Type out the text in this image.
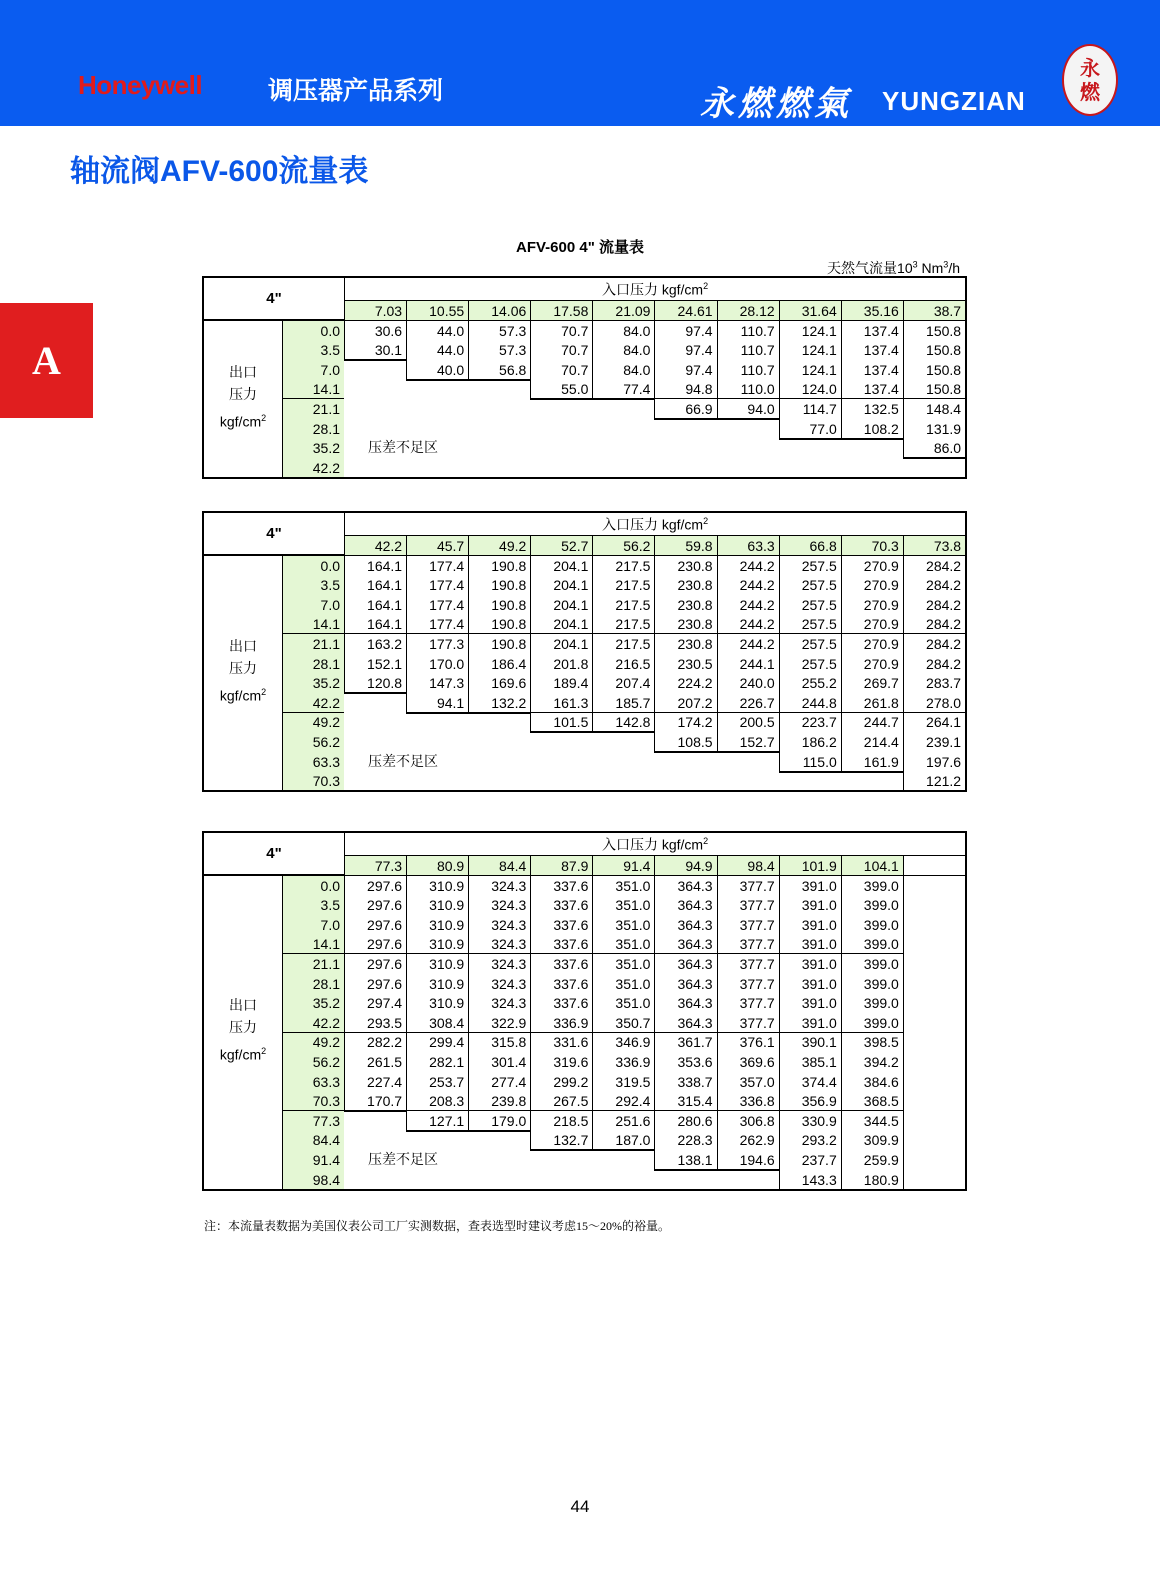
Honeywell	调压器产品系列	永燃燃氣 YUNGZIAN
永
燃
轴流阀AFV-600流量表
A
AFV-600 4" 流量表
天然气流量$10^3$ Nm$^3$/h
4"		入口压力 kgf/$cm^2$
		7.03	10.55	14.06	17.58	21.09	24.61	28.12	31.64	35.16	38.7
出口
压力
kgf/$cm^2$	0.0	30.6	44.0	57.3	70.7	84.0	97.4	110.7	124.1	137.4	150.8
	3.5	30.1	44.0	57.3	70.7	84.0	97.4	110.7	124.1	137.4	150.8
	7.0		40.0	56.8	70.7	84.0	97.4	110.7	124.1	137.4	150.8
	14.1				55.0	77.4	94.8	110.0	124.0	137.4	150.8
	21.1						66.9	94.0	114.7	132.5	148.4
	28.1								77.0	108.2	131.9
	35.2	压差不足区									86.0
	42.2										
4"		入口压力 kgf/$cm^2$
		42.2	45.7	49.2	52.7	56.2	59.8	63.3	66.8	70.3	73.8
出口
压力
kgf/$cm^2$	0.0	164.1	177.4	190.8	204.1	217.5	230.8	244.2	257.5	270.9	284.2
	3.5	164.1	177.4	190.8	204.1	217.5	230.8	244.2	257.5	270.9	284.2
	7.0	164.1	177.4	190.8	204.1	217.5	230.8	244.2	257.5	270.9	284.2
	14.1	164.1	177.4	190.8	204.1	217.5	230.8	244.2	257.5	270.9	284.2
	21.1	163.2	177.3	190.8	204.1	217.5	230.8	244.2	257.5	270.9	284.2
	28.1	152.1	170.0	186.4	201.8	216.5	230.5	244.1	257.5	270.9	284.2
	35.2	120.8	147.3	169.6	189.4	207.4	224.2	240.0	255.2	269.7	283.7
	42.2		94.1	132.2	161.3	185.7	207.2	226.7	244.8	261.8	278.0
	49.2				101.5	142.8	174.2	200.5	223.7	244.7	264.1
	56.2						108.5	152.7	186.2	214.4	239.1
	63.3	压差不足区							115.0	161.9	197.6
	70.3										121.2
4"		入口压力 kgf/$cm^2$
		77.3	80.9	84.4	87.9	91.4	94.9	98.4	101.9	104.1	
出口
压力
kgf/$cm^2$	0.0	297.6	310.9	324.3	337.6	351.0	364.3	377.7	391.0	399.0	
	3.5	297.6	310.9	324.3	337.6	351.0	364.3	377.7	391.0	399.0	
	7.0	297.6	310.9	324.3	337.6	351.0	364.3	377.7	391.0	399.0	
	14.1	297.6	310.9	324.3	337.6	351.0	364.3	377.7	391.0	399.0	
	21.1	297.6	310.9	324.3	337.6	351.0	364.3	377.7	391.0	399.0	
	28.1	297.6	310.9	324.3	337.6	351.0	364.3	377.7	391.0	399.0	
	35.2	297.4	310.9	324.3	337.6	351.0	364.3	377.7	391.0	399.0	
	42.2	293.5	308.4	322.9	336.9	350.7	364.3	377.7	391.0	399.0	
	49.2	282.2	299.4	315.8	331.6	346.9	361.7	376.1	390.1	398.5	
	56.2	261.5	282.1	301.4	319.6	336.9	353.6	369.6	385.1	394.2	
	63.3	227.4	253.7	277.4	299.2	319.5	338.7	357.0	374.4	384.6	
	70.3	170.7	208.3	239.8	267.5	292.4	315.4	336.8	356.9	368.5	
	77.3		127.1	179.0	218.5	251.6	280.6	306.8	330.9	344.5	
	84.4				132.7	187.0	228.3	262.9	293.2	309.9	
	91.4	压差不足区					138.1	194.6	237.7	259.9	
	98.4								143.3	180.9	
注：本流量表数据为美国仪表公司工厂实测数据，查表选型时建议考虑15～20%的裕量。
44
